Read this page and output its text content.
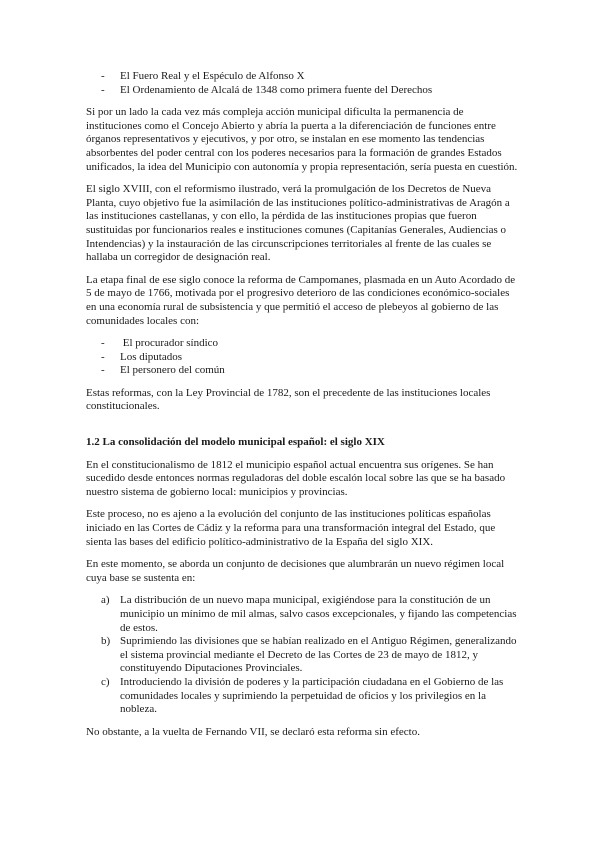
- El Fuero Real y el Espéculo de Alfonso X
- El Ordenamiento de Alcalá de 1348 como primera fuente del Derechos

Si por un lado la cada vez más compleja acción municipal dificulta la permanencia de instituciones como el Concejo Abierto y abría la puerta a la diferenciación de funciones entre órganos representativos y ejecutivos, y por otro, se instalan en ese momento las tendencias absorbentes del poder central con los poderes necesarios para la formación de grandes Estados unificados, la idea del Municipio con autonomía y propia representación, sería puesta en cuestión.

El siglo XVIII, con el reformismo ilustrado, verá la promulgación de los Decretos de Nueva Planta, cuyo objetivo fue la asimilación de las instituciones político-administrativas de Aragón a las instituciones castellanas, y con ello, la pérdida de las instituciones propias que fueron sustituidas por funcionarios reales e instituciones comunes (Capitanías Generales, Audiencias o Intendencias) y la instauración de las circunscripciones territoriales al frente de las cuales se hallaba un corregidor de designación real.

La etapa final de ese siglo conoce la reforma de Campomanes, plasmada en un Auto Acordado de 5 de mayo de 1766, motivada por el progresivo deterioro de las condiciones económico-sociales en una economía rural de subsistencia y que permitió el acceso de plebeyos al gobierno de las comunidades locales con:

- El procurador síndico
- Los diputados
- El personero del común

Estas reformas, con la Ley Provincial de 1782, son el precedente de las instituciones locales constitucionales.

1.2 La consolidación del modelo municipal español: el siglo XIX

En el constitucionalismo de 1812 el municipio español actual encuentra sus orígenes. Se han sucedido desde entonces normas reguladoras del doble escalón local sobre las que se ha basado nuestro sistema de gobierno local: municipios y provincias.

Este proceso, no es ajeno a la evolución del conjunto de las instituciones políticas españolas iniciado en las Cortes de Cádiz y la reforma para una transformación integral del Estado, que sienta las bases del edificio político-administrativo de la España del siglo XIX.

En este momento, se aborda un conjunto de decisiones que alumbrarán un nuevo régimen local cuya base se sustenta en:

a) La distribución de un nuevo mapa municipal, exigiéndose para la constitución de un municipio un mínimo de mil almas, salvo casos excepcionales, y fijando las competencias de estos.
b) Suprimiendo las divisiones que se habían realizado en el Antiguo Régimen, generalizando el sistema provincial mediante el Decreto de las Cortes de 23 de mayo de 1812, y constituyendo Diputaciones Provinciales.
c) Introduciendo la división de poderes y la participación ciudadana en el Gobierno de las comunidades locales y suprimiendo la perpetuidad de oficios y los privilegios en la nobleza.

No obstante, a la vuelta de Fernando VII, se declaró esta reforma sin efecto.
